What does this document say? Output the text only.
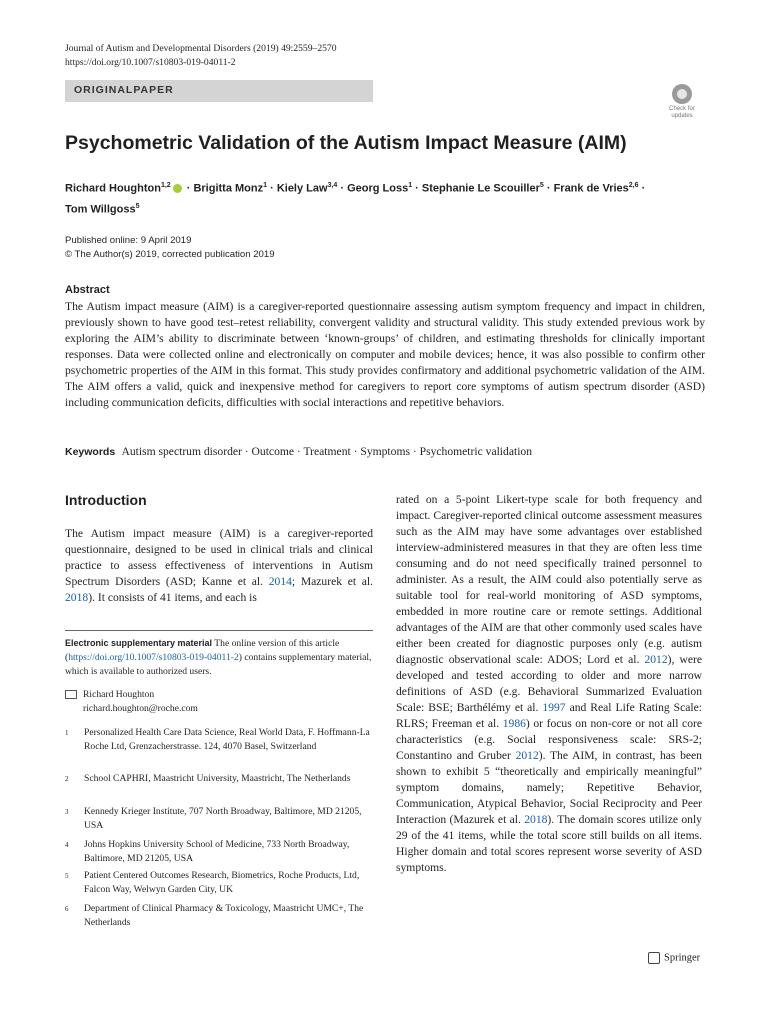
Journal of Autism and Developmental Disorders (2019) 49:2559–2570
https://doi.org/10.1007/s10803-019-04011-2
ORIGINALPAPER
Check for
updates
Psychometric Validation of the Autism Impact Measure (AIM)
Richard Houghton$^{1,2}$ · Brigitta Monz$^1$ · Kiely Law$^{3,4}$ · Georg Loss$^1$ · Stephanie Le Scouiller$^5$ · Frank de Vries$^{2,6}$ ·
Tom Willgoss$^5$
Published online: 9 April 2019
© The Author(s) 2019, corrected publication 2019
Abstract
The Autism impact measure (AIM) is a caregiver-reported questionnaire assessing autism symptom frequency and impact in children, previously shown to have good test–retest reliability, convergent validity and structural validity. This study extended previous work by exploring the AIM’s ability to discriminate between ‘known-groups’ of children, and estimating thresholds for clinically important responses. Data were collected online and electronically on computer and mobile devices; hence, it was also possible to confirm other psychometric properties of the AIM in this format. This study provides confirmatory and additional psychometric validation of the AIM. The AIM offers a valid, quick and inexpensive method for caregivers to report core symptoms of autism spectrum disorder (ASD) including communication deficits, difficulties with social interactions and repetitive behaviors.
Keywords Autism spectrum disorder · Outcome · Treatment · Symptoms · Psychometric validation
Introduction
The Autism impact measure (AIM) is a caregiver-reported questionnaire, designed to be used in clinical trials and clinical practice to assess effectiveness of interventions in Autism Spectrum Disorders (ASD; Kanne et al. 2014; Mazurek et al. 2018). It consists of 41 items, and each is
rated on a 5-point Likert-type scale for both frequency and impact. Caregiver-reported clinical outcome assessment measures such as the AIM may have some advantages over established interview-administered measures in that they are often less time consuming and do not need specifically trained personnel to administer. As a result, the AIM could also potentially serve as suitable tool for real-world monitoring of ASD symptoms, embedded in more routine care or remote settings. Additional advantages of the AIM are that other commonly used scales have either been created for diagnostic purposes only (e.g. autism diagnostic observational scale: ADOS; Lord et al. 2012), were developed and tested according to older and more narrow definitions of ASD (e.g. Behavioral Summarized Evaluation Scale: BSE; Barthélémy et al. 1997 and Real Life Rating Scale: RLRS; Freeman et al. 1986) or focus on non-core or not all core characteristics (e.g. Social responsiveness scale: SRS-2; Constantino and Gruber 2012). The AIM, in contrast, has been shown to exhibit 5 “theoretically and empirically meaningful” symptom domains, namely; Repetitive Behavior, Communication, Atypical Behavior, Social Reciprocity and Peer Interaction (Mazurek et al. 2018). The domain scores utilize only 29 of the 41 items, while the total score still builds on all items. Higher domain and total scores represent worse severity of ASD symptoms.
Electronic supplementary material The online version of this article (https://doi.org/10.1007/s10803-019-04011-2) contains supplementary material, which is available to authorized users.
Richard Houghton
richard.houghton@roche.com
1 Personalized Health Care Data Science, Real World Data, F. Hoffmann-La Roche Ltd, Grenzacherstrasse. 124, 4070 Basel, Switzerland
2 School CAPHRI, Maastricht University, Maastricht, The Netherlands
3 Kennedy Krieger Institute, 707 North Broadway, Baltimore, MD 21205, USA
4 Johns Hopkins University School of Medicine, 733 North Broadway, Baltimore, MD 21205, USA
5 Patient Centered Outcomes Research, Biometrics, Roche Products, Ltd, Falcon Way, Welwyn Garden City, UK
6 Department of Clinical Pharmacy & Toxicology, Maastricht UMC+, The Netherlands
Springer
